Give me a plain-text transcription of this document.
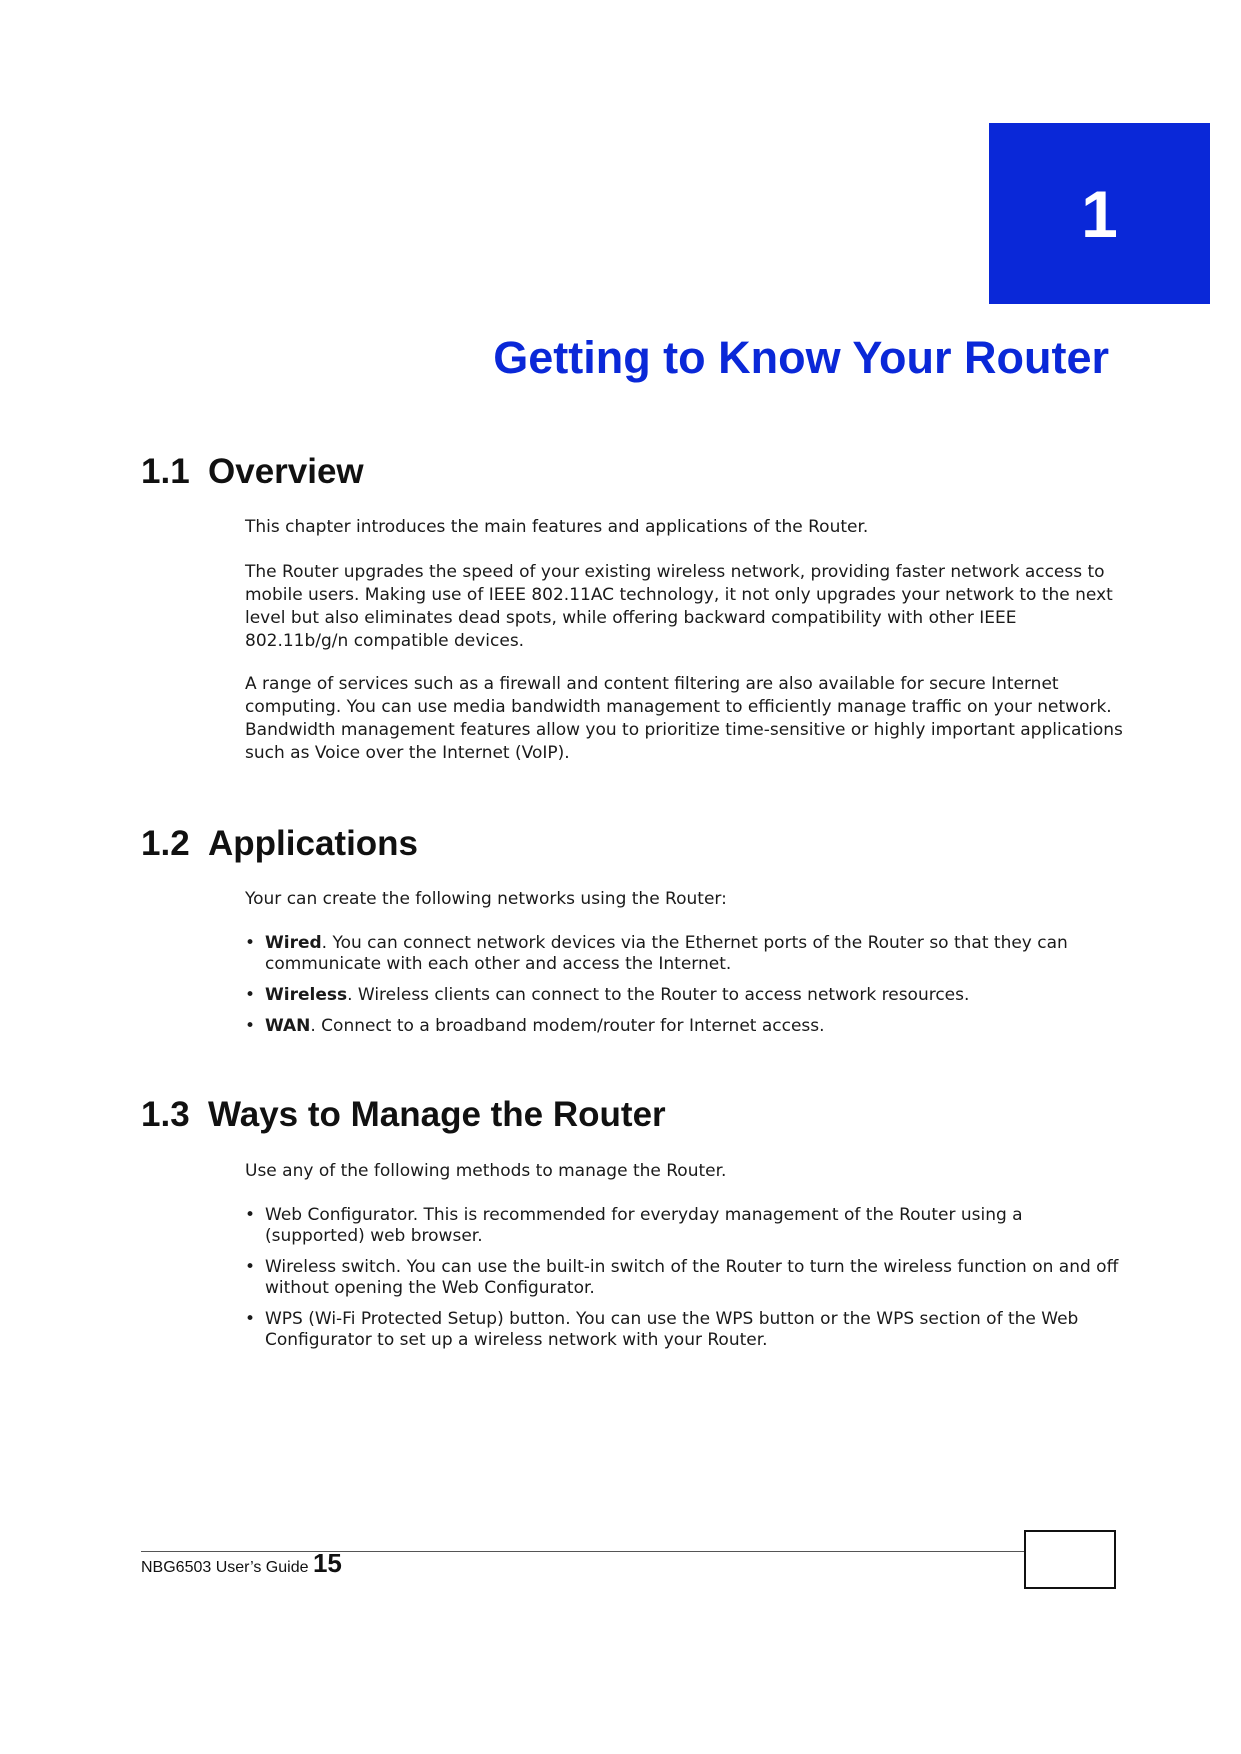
1
Getting to Know Your Router
1.1 Overview

This chapter introduces the main features and applications of the Router.

The Router upgrades the speed of your existing wireless network, providing faster network access to mobile users. Making use of IEEE 802.11AC technology, it not only upgrades your network to the next level but also eliminates dead spots, while offering backward compatibility with other IEEE 802.11b/g/n compatible devices.

A range of services such as a firewall and content filtering are also available for secure Internet computing. You can use media bandwidth management to efficiently manage traffic on your network. Bandwidth management features allow you to prioritize time-sensitive or highly important applications such as Voice over the Internet (VoIP).

1.2 Applications

Your can create the following networks using the Router:

• Wired. You can connect network devices via the Ethernet ports of the Router so that they can communicate with each other and access the Internet.
• Wireless. Wireless clients can connect to the Router to access network resources.
• WAN. Connect to a broadband modem/router for Internet access.
1.3 Ways to Manage the Router

Use any of the following methods to manage the Router.

• Web Configurator. This is recommended for everyday management of the Router using a (supported) web browser.
• Wireless switch. You can use the built-in switch of the Router to turn the wireless function on and off without opening the Web Configurator.
• WPS (Wi-Fi Protected Setup) button. You can use the WPS button or the WPS section of the Web Configurator to set up a wireless network with your Router.
NBG6503 User’s Guide 15
